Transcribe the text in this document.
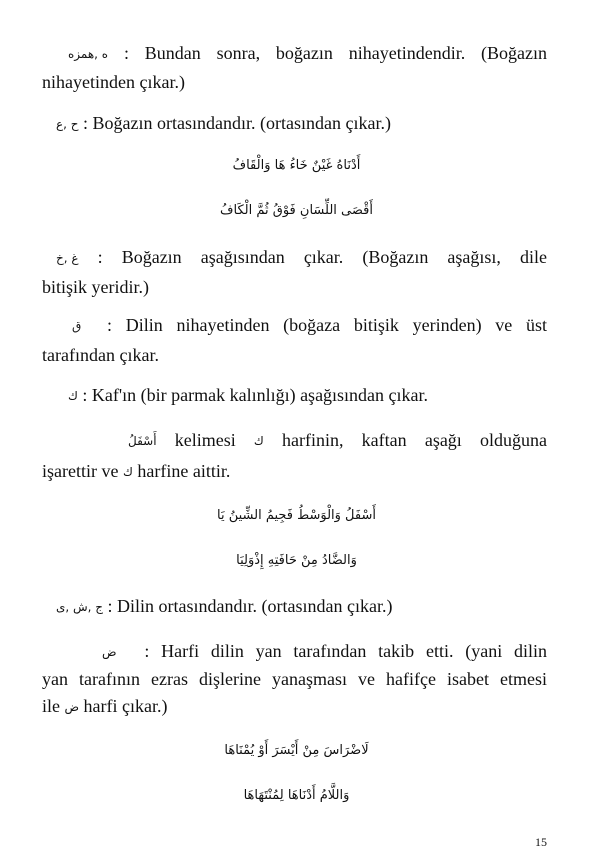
ه ,همزه : Bundan sonra, boğazın nihayetindendir. (Boğazın
nihayetinden çıkar.)
ح ,ع : Boğazın ortasındandır. (ortasından çıkar.)
أَدْنَاهُ غَيْنٌ خَاءُ هَا وَالْقَافُ
أَقْصَى اللِّسَانِ فَوْقُ ثُمَّ الْكَافُ
غ ,خ : Boğazın aşağısından çıkar. (Boğazın aşağısı, dile
bitişik yeridir.)
ق : Dilin nihayetinden (boğaza bitişik yerinden) ve üst
tarafından çıkar.
ك : Kaf'ın (bir parmak kalınlığı) aşağısından çıkar.
أَسْفَلُ kelimesi ك harfinin, kaftan aşağı olduğuna
işarettir ve ك harfine aittir.
أَسْفَلُ وَالْوَسْطُ فَجِيمُ الشِّينُ يَا
وَالضَّادُ مِنْ حَافَتِهِ إِذْوَلِيَا
ج ,ش ,ى : Dilin ortasındandır. (ortasından çıkar.)
ض : Harfi dilin yan tarafından takib etti. (yani dilin
yan tarafının ezras dişlerine yanaşması ve hafifçe isabet etmesi
ile ض harfi çıkar.)
لَاضْرَاسَ مِنْ أَيْسَرَ أَوْ يُمْنَاهَا
وَاللَّامُ أَدْنَاهَا لِمُنْتَهَاهَا
15
